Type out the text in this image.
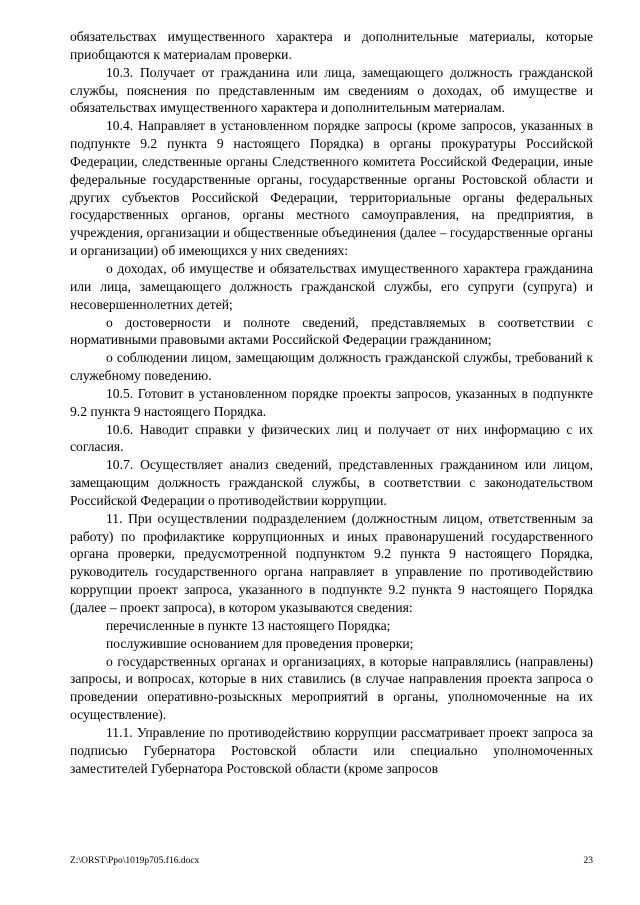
обязательствах имущественного характера и дополнительные материалы, которые приобщаются к материалам проверки.

10.3. Получает от гражданина или лица, замещающего должность гражданской службы, пояснения по представленным им сведениям о доходах, об имуществе и обязательствах имущественного характера и дополнительным материалам.

10.4. Направляет в установленном порядке запросы (кроме запросов, указанных в подпункте 9.2 пункта 9 настоящего Порядка) в органы прокуратуры Российской Федерации, следственные органы Следственного комитета Российской Федерации, иные федеральные государственные органы, государственные органы Ростовской области и других субъектов Российской Федерации, территориальные органы федеральных государственных органов, органы местного самоуправления, на предприятия, в учреждения, организации и общественные объединения (далее – государственные органы и организации) об имеющихся у них сведениях:

о доходах, об имуществе и обязательствах имущественного характера гражданина или лица, замещающего должность гражданской службы, его супруги (супруга) и несовершеннолетних детей;

о достоверности и полноте сведений, представляемых в соответствии с нормативными правовыми актами Российской Федерации гражданином;

о соблюдении лицом, замещающим должность гражданской службы, требований к служебному поведению.

10.5. Готовит в установленном порядке проекты запросов, указанных в подпункте 9.2 пункта 9 настоящего Порядка.

10.6. Наводит справки у физических лиц и получает от них информацию с их согласия.

10.7. Осуществляет анализ сведений, представленных гражданином или лицом, замещающим должность гражданской службы, в соответствии с законодательством Российской Федерации о противодействии коррупции.

11. При осуществлении подразделением (должностным лицом, ответственным за работу) по профилактике коррупционных и иных правонарушений государственного органа проверки, предусмотренной подпунктом 9.2 пункта 9 настоящего Порядка, руководитель государственного органа направляет в управление по противодействию коррупции проект запроса, указанного в подпункте 9.2 пункта 9 настоящего Порядка (далее – проект запроса), в котором указываются сведения:

перечисленные в пункте 13 настоящего Порядка;

послужившие основанием для проведения проверки;

о государственных органах и организациях, в которые направлялись (направлены) запросы, и вопросах, которые в них ставились (в случае направления проекта запроса о проведении оперативно-розыскных мероприятий в органы, уполномоченные на их осуществление).

11.1. Управление по противодействию коррупции рассматривает проект запроса за подписью Губернатора Ростовской области или специально уполномоченных заместителей Губернатора Ростовской области (кроме запросов

Z:\ORST\Ppo\1019p705.f16.docx	23
